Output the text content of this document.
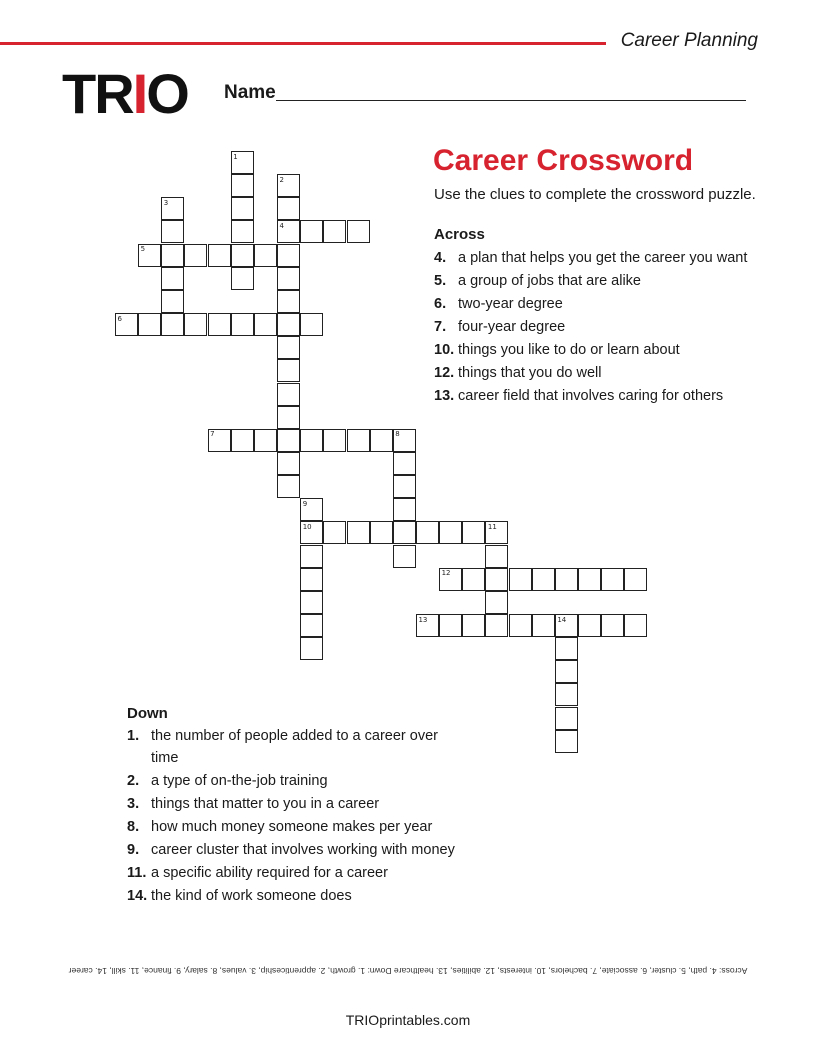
Career Planning
TRIO Name
Career Crossword
Use the clues to complete the crossword puzzle.
Across
4. a plan that helps you get the career you want
5. a group of jobs that are alike
6. two-year degree
7. four-year degree
10. things you like to do or learn about
12. things that you do well
13. career field that involves caring for others
Down
1. the number of people added to a career over time
2. a type of on-the-job training
3. things that matter to you in a career
8. how much money someone makes per year
9. career cluster that involves working with money
11. a specific ability required for a career
14. the kind of work someone does
1
2
3
4
5
6
7	8
9
10	11
12
13	14
Across: 4. path, 5. cluster, 6. associate, 7. bachelors, 10. interests, 12. abilities, 13. healthcare Down: 1. growth, 2. apprenticeship, 3. values, 8. salary, 9. finance, 11. skill, 14. career
TRIOprintables.com
